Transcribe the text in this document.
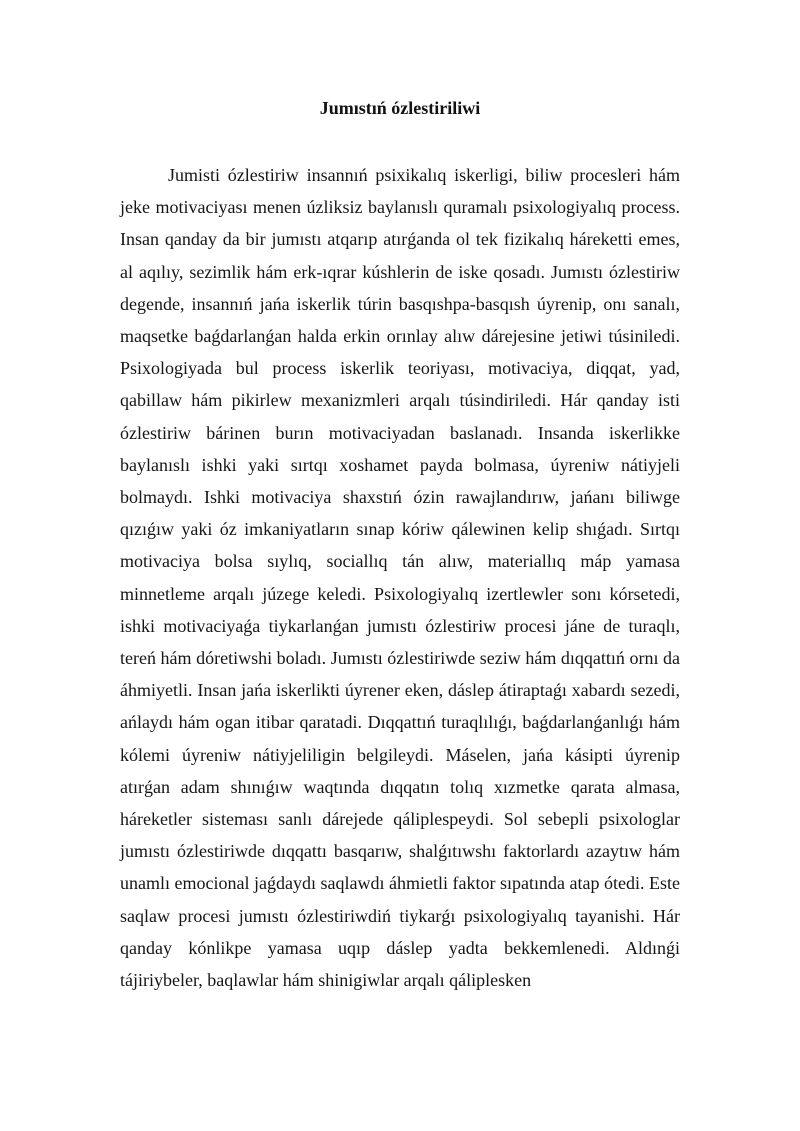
Jumıstıń ózlestiriliwi

Jumisti ózlestiriw insannıń psixikalıq iskerligi, biliw procesleri hám jeke motivaciyası menen úzliksiz baylanıslı quramalı psixologiyalıq process. Insan qanday da bir jumıstı atqarıp atırǵanda ol tek fizikalıq háreketti emes, al aqılıy, sezimlik hám erk-ıqrar kúshlerin de iske qosadı. Jumıstı ózlestiriw degende, insannıń jańa iskerlik túrin basqıshpa-basqısh úyrenip, onı sanalı, maqsetke baǵdarlanǵan halda erkin orınlay alıw dárejesine jetiwi túsiniledi. Psixologiyada bul process iskerlik teoriyası, motivaciya, diqqat, yad, qabillaw hám pikirlew mexanizmleri arqalı túsindiriledi. Hár qanday isti ózlestiriw bárinen burın motivaciyadan baslanadı. Insanda iskerlikke baylanıslı ishki yaki sırtqı xoshamet payda bolmasa, úyreniw nátiyjeli bolmaydı. Ishki motivaciya shaxstıń ózin rawajlandırıw, jańanı biliwge qızıǵıw yaki óz imkaniyatların sınap kóriw qálewinen kelip shıǵadı. Sırtqı motivaciya bolsa sıylıq, sociallıq tán alıw, materiallıq máp yamasa minnetleme arqalı júzege keledi. Psixologiyalıq izertlewler sonı kórsetedi, ishki motivaciyaǵa tiykarlanǵan jumıstı ózlestiriw procesi jáne de turaqlı, tereń hám dóretiwshi boladı. Jumıstı ózlestiriwde seziw hám dıqqattıń ornı da áhmiyetli. Insan jańa iskerlikti úyrener eken, dáslep átiraptaǵı xabardı sezedi, ańlaydı hám ogan itibar qaratadi. Dıqqattıń turaqlılıǵı, baǵdarlanǵanlıǵı hám kólemi úyreniw nátiyjeliligin belgileydi. Máselen, jańa kásipti úyrenip atırǵan adam shınıǵıw waqtında dıqqatın tolıq xızmetke qarata almasa, háreketler sisteması sanlı dárejede qáliplespeydi. Sol sebepli psixologlar jumıstı ózlestiriwde dıqqattı basqarıw, shalǵıtıwshı faktorlardı azaytıw hám unamlı emocional jaǵdaydı saqlawdı áhmietli faktor sıpatında atap ótedi. Este saqlaw procesi jumıstı ózlestiriwdiń tiykarǵı psixologiyalıq tayanishi. Hár qanday kónlikpe yamasa uqıp dáslep yadta bekkemlenedi. Aldınǵi tájiriybeler, baqlawlar hám shinigiwlar arqalı qáliplesken
